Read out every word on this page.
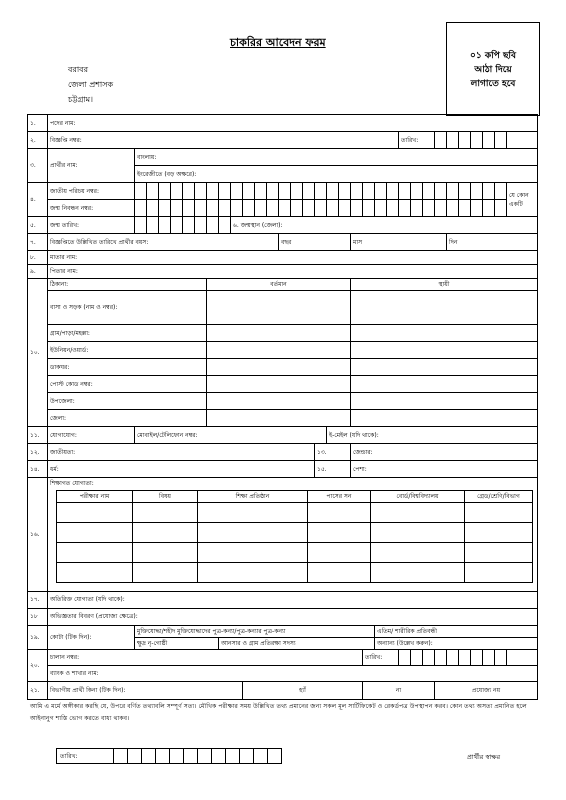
চাকরির আবেদন ফরম
বরাবর
জেলা প্রশাসক
চট্টগ্রাম।
০১ কপি ছবি
আঠা দিয়ে
লাগাতে হবে
১.	পদের নাম:
২.	বিজ্ঞপ্তি নম্বর:	তারিখ:							
৩.	প্রার্থীর নাম:	বাংলায়:
ইংরেজীতে (বড় অক্ষরে):
৪.	জাতীয় পরিচয় নম্বর:																																যে কোন একটি
জন্ম নিবন্ধন নম্বর:																															
৫.	জন্ম তারিখ:									৬. জন্মস্থান (জেলা):
৭.	বিজ্ঞপ্তিতে উল্লিখিত তারিখে প্রার্থীর বয়স:	বছর	মাস	দিন
৮.	মাতার নাম:
৯.	পিতার নাম:
১০.	ঠিকানা:	বর্তমান	স্থায়ী
বাসা ও সড়ক (নাম ও নম্বর):		
গ্রাম/পাড়া/মহল্লা:		
ইউনিয়ন/ওয়ার্ড:		
ডাকঘর:		
পোস্ট কোড নম্বর:		
উপজেলা:		
জেলা:		
১১.	যোগাযোগ:	মোবাইল/টেলিফোন নম্বর:	ই-মেইল (যদি থাকে):
১২.	জাতীয়তা:	১৩.	জেন্ডার:
১৪.	ধর্ম:	১৫.	পেশা:
১৬.	শিক্ষাগত যোগ্যতা:

পরীক্ষার নাম	বিষয়	শিক্ষা প্রতিষ্ঠান	পাসের সন	বোর্ড/বিশ্ববিদ্যালয়	গ্রেড/শ্রেণি/বিভাগ

১৭.	অতিরিক্ত যোগ্যতা (যদি থাকে):
১৮	অভিজ্ঞতার বিবরণ (প্রযোজ্য ক্ষেত্রে):
১৯.	কোটা (টিক দিন):	মুক্তিযোদ্ধা/শহীদ মুক্তিযোদ্ধাদের পুত্র-কন্যা/পুত্র-কন্যার পুত্র-কন্যা	এতিম/ শারীরিক প্রতিবন্ধী
ক্ষুদ্র নৃ-গোষ্ঠী	আনসার ও গ্রাম প্রতিরক্ষা সদস্য	অন্যান্য (উল্লেখ করুন):
২০.	চালান নম্বর:	তারিখ:										
ব্যাংক ও শাখার নাম:
২১.	বিভাগীয় প্রার্থী কিনা (টিক দিন):	হ্যাঁ	না	প্রযোজ্য নয়
আমি এ মর্মে অঙ্গীকার করছি যে, উপরে বর্ণিত তথ্যাবলি সম্পূর্ণ সত্য। মৌখিক পরীক্ষার সময় উল্লিখিত তথ্য প্রমানের জন্য সকল মূল সার্টিফিকেট ও রেকর্ডপত্র উপস্থাপন করব। কোন তথ্য অসত্য প্রমানিত হলে আইনানুগ শাস্তি ভোগ করতে বাধ্য থাকব।
তারিখ:													প্রার্থীর স্বাক্ষর
